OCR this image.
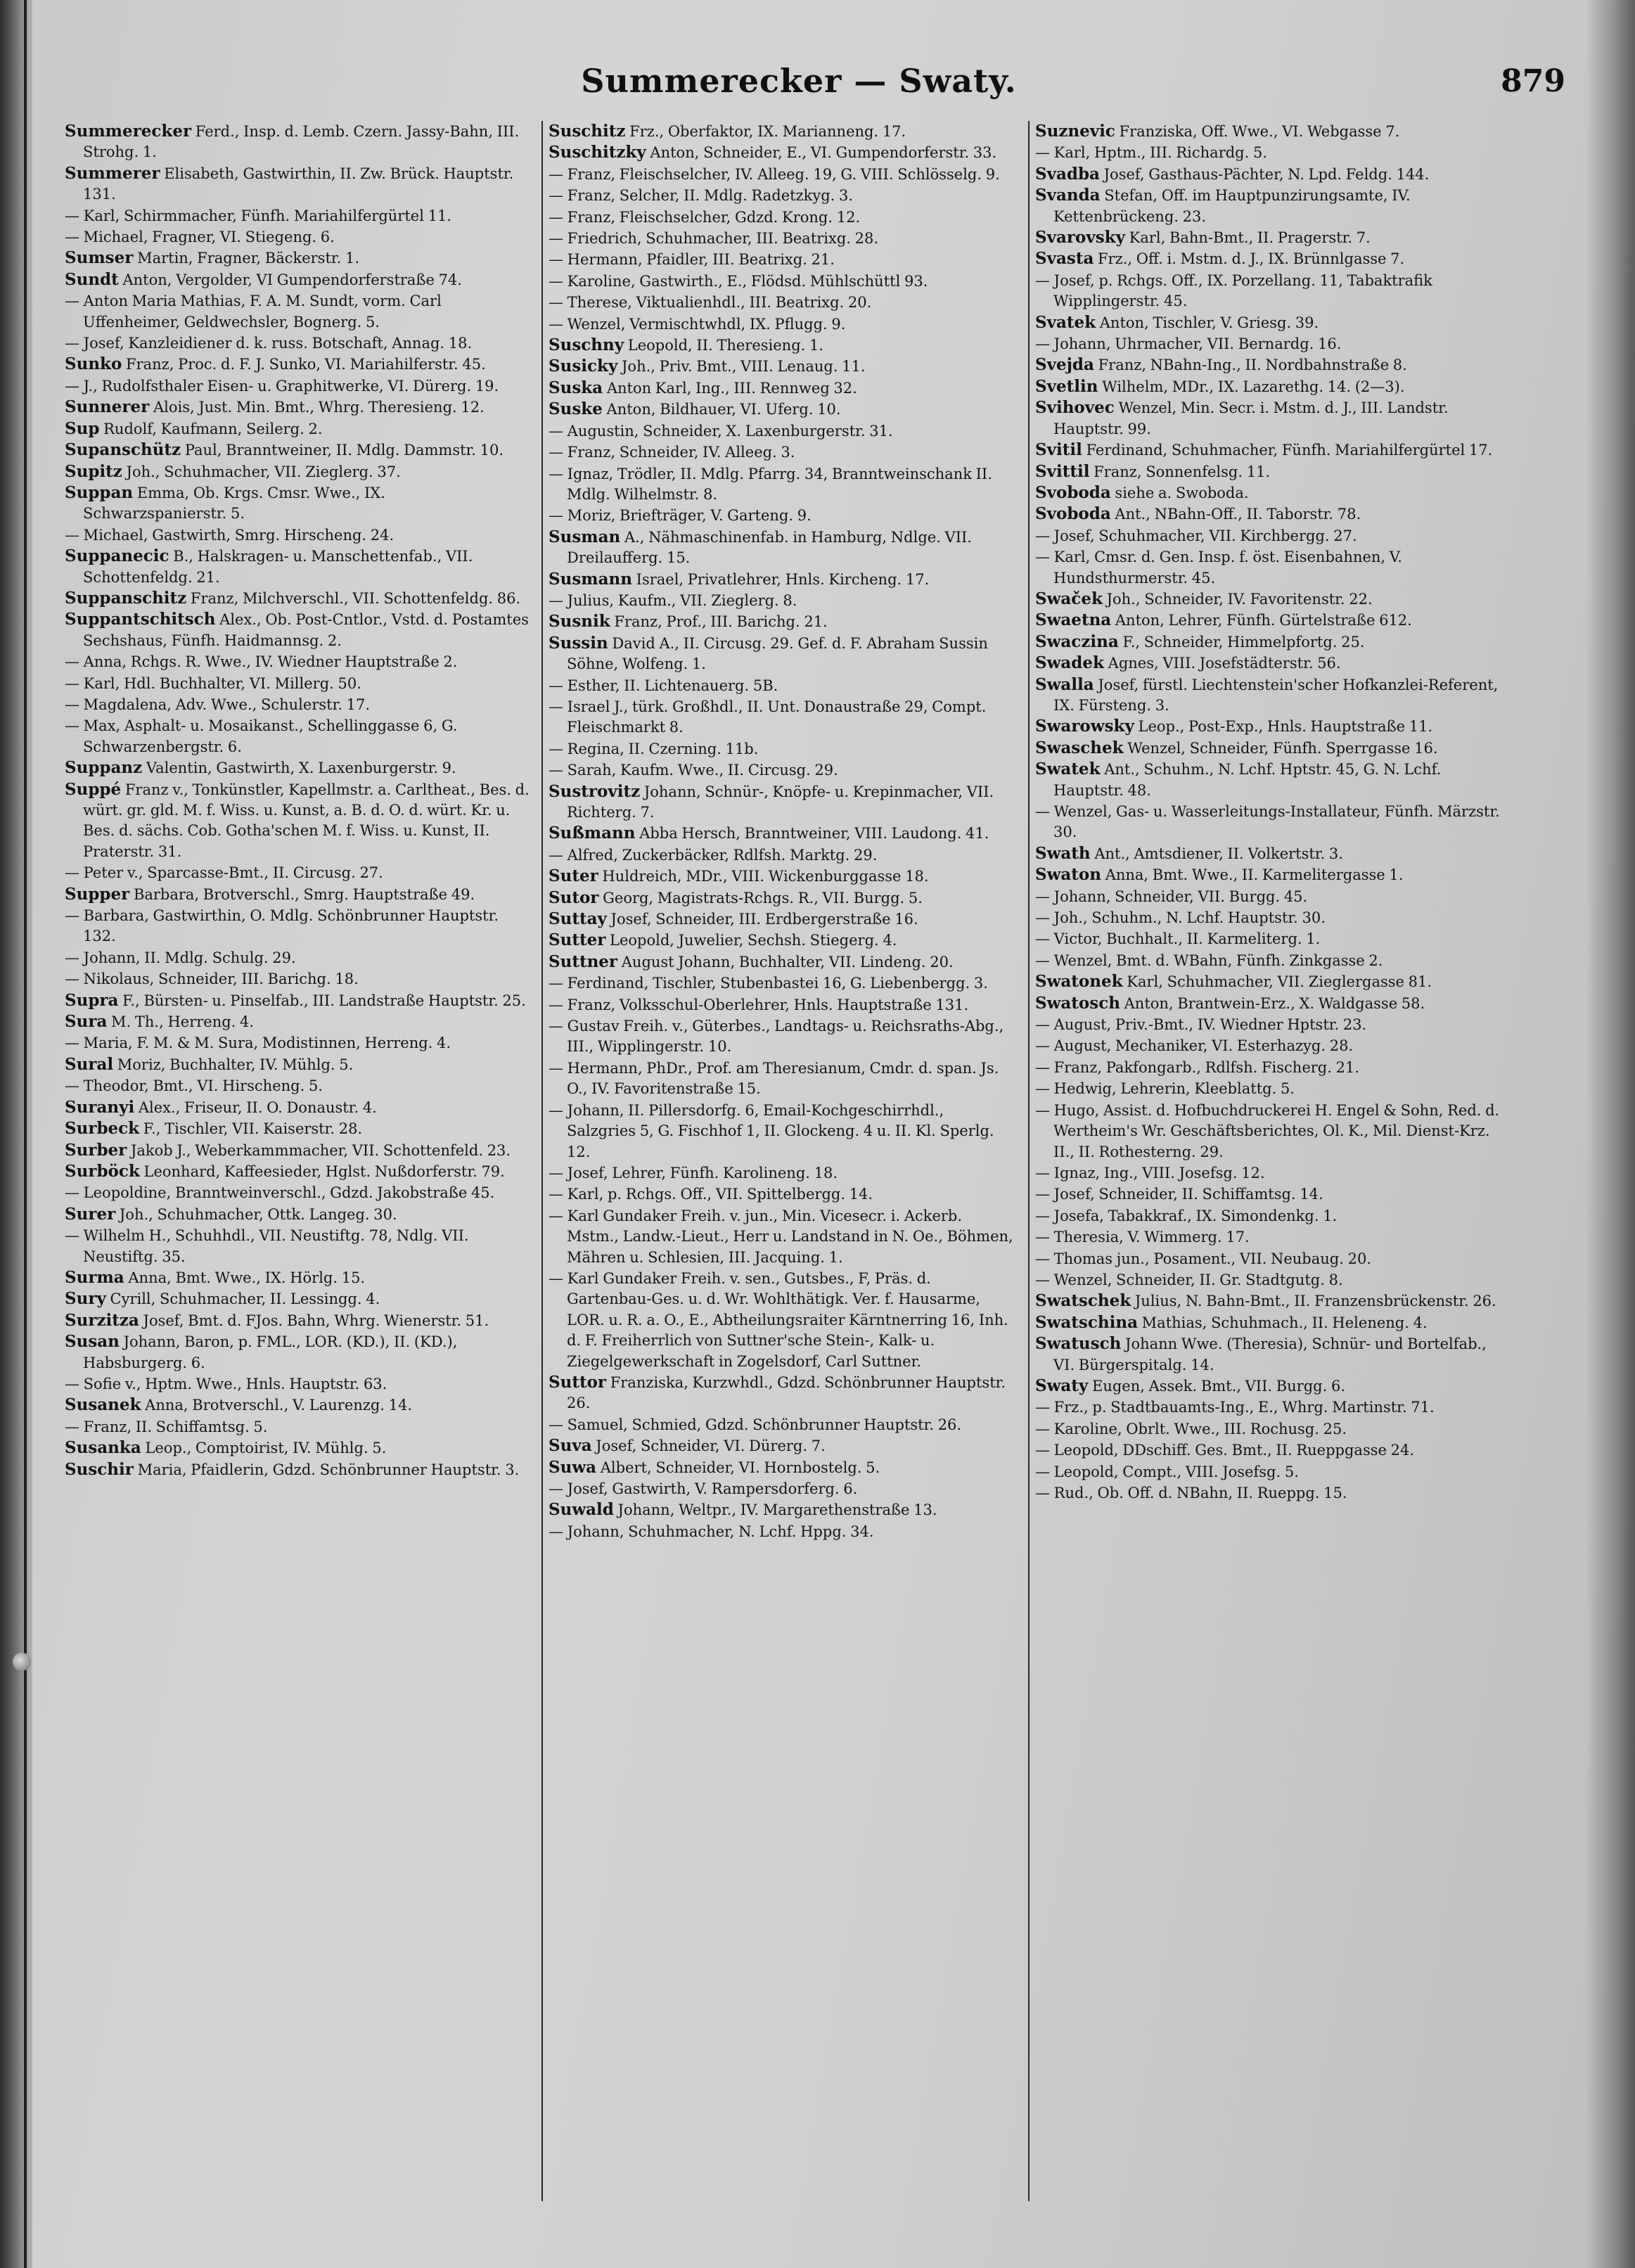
Summerecker — Swaty.	879
Summerecker Ferd., Insp. d. Lemb. Czern. Jassy-Bahn, III. Strohg. 1.
Summerer Elisabeth, Gastwirthin, II. Zw. Brück. Hauptstr. 131.
— Karl, Schirmmacher, Fünfh. Mariahilfergürtel 11.
— Michael, Fragner, VI. Stiegeng. 6.
Sumser Martin, Fragner, Bäckerstr. 1.
Sundt Anton, Vergolder, VI Gumpendorferstraße 74.
— Anton Maria Mathias, F. A. M. Sundt, vorm. Carl Uffenheimer, Geldwechsler, Bognerg. 5.
— Josef, Kanzleidiener d. k. russ. Botschaft, Annag. 18.
Sunko Franz, Proc. d. F. J. Sunko, VI. Mariahilferstr. 45.
— J., Rudolfsthaler Eisen- u. Graphitwerke, VI. Dürerg. 19.
Sunnerer Alois, Just. Min. Bmt., Whrg. Theresieng. 12.
Sup Rudolf, Kaufmann, Seilerg. 2.
Supanschütz Paul, Branntweiner, II. Mdlg. Dammstr. 10.
Supitz Joh., Schuhmacher, VII. Zieglerg. 37.
Suppan Emma, Ob. Krgs. Cmsr. Wwe., IX. Schwarzspanierstr. 5.
— Michael, Gastwirth, Smrg. Hirscheng. 24.
Suppanecic B., Halskragen- u. Manschettenfab., VII. Schottenfeldg. 21.
Suppanschitz Franz, Milchverschl., VII. Schottenfeldg. 86.
Suppantschitsch Alex., Ob. Post-Cntlor., Vstd. d. Postamtes Sechshaus, Fünfh. Haidmannsg. 2.
— Anna, Rchgs. R. Wwe., IV. Wiedner Hauptstraße 2.
— Karl, Hdl. Buchhalter, VI. Millerg. 50.
— Magdalena, Adv. Wwe., Schulerstr. 17.
— Max, Asphalt- u. Mosaikanst., Schellinggasse 6, G. Schwarzenbergstr. 6.
Suppanz Valentin, Gastwirth, X. Laxenburgerstr. 9.
Suppé Franz v., Tonkünstler, Kapellmstr. a. Carltheat., Bes. d. würt. gr. gld. M. f. Wiss. u. Kunst, a. B. d. O. d. würt. Kr. u. Bes. d. sächs. Cob. Gotha'schen M. f. Wiss. u. Kunst, II. Praterstr. 31.
— Peter v., Sparcasse-Bmt., II. Circusg. 27.
Supper Barbara, Brotverschl., Smrg. Hauptstraße 49.
— Barbara, Gastwirthin, O. Mdlg. Schönbrunner Hauptstr. 132.
— Johann, II. Mdlg. Schulg. 29.
— Nikolaus, Schneider, III. Barichg. 18.
Supra F., Bürsten- u. Pinselfab., III. Landstraße Hauptstr. 25.
Sura M. Th., Herreng. 4.
— Maria, F. M. & M. Sura, Modistinnen, Herreng. 4.
Sural Moriz, Buchhalter, IV. Mühlg. 5.
— Theodor, Bmt., VI. Hirscheng. 5.
Suranyi Alex., Friseur, II. O. Donaustr. 4.
Surbeck F., Tischler, VII. Kaiserstr. 28.
Surber Jakob J., Weberkammmacher, VII. Schottenfeld. 23.
Surböck Leonhard, Kaffeesieder, Hglst. Nußdorferstr. 79.
— Leopoldine, Branntweinverschl., Gdzd. Jakobstraße 45.
Surer Joh., Schuhmacher, Ottk. Langeg. 30.
— Wilhelm H., Schuhhdl., VII. Neustiftg. 78, Ndlg. VII. Neustiftg. 35.
Surma Anna, Bmt. Wwe., IX. Hörlg. 15.
Sury Cyrill, Schuhmacher, II. Lessingg. 4.
Surzitza Josef, Bmt. d. FJos. Bahn, Whrg. Wienerstr. 51.
Susan Johann, Baron, p. FML., LOR. (KD.), II. (KD.), Habsburgerg. 6.
— Sofie v., Hptm. Wwe., Hnls. Hauptstr. 63.
Susanek Anna, Brotverschl., V. Laurenzg. 14.
— Franz, II. Schiffamtsg. 5.
Susanka Leop., Comptoirist, IV. Mühlg. 5.
Suschir Maria, Pfaidlerin, Gdzd. Schönbrunner Hauptstr. 3.
Suschitz Frz., Oberfaktor, IX. Marianneng. 17.
Suschitzky Anton, Schneider, E., VI. Gumpendorferstr. 33.
— Franz, Fleischselcher, IV. Alleeg. 19, G. VIII. Schlösselg. 9.
— Franz, Selcher, II. Mdlg. Radetzkyg. 3.
— Franz, Fleischselcher, Gdzd. Krong. 12.
— Friedrich, Schuhmacher, III. Beatrixg. 28.
— Hermann, Pfaidler, III. Beatrixg. 21.
— Karoline, Gastwirth., E., Flödsd. Mühlschüttl 93.
— Therese, Viktualienhdl., III. Beatrixg. 20.
— Wenzel, Vermischtwhdl, IX. Pflugg. 9.
Suschny Leopold, II. Theresieng. 1.
Susicky Joh., Priv. Bmt., VIII. Lenaug. 11.
Suska Anton Karl, Ing., III. Rennweg 32.
Suske Anton, Bildhauer, VI. Uferg. 10.
— Augustin, Schneider, X. Laxenburgerstr. 31.
— Franz, Schneider, IV. Alleeg. 3.
— Ignaz, Trödler, II. Mdlg. Pfarrg. 34, Branntweinschank II. Mdlg. Wilhelmstr. 8.
— Moriz, Briefträger, V. Garteng. 9.
Susman A., Nähmaschinenfab. in Hamburg, Ndlge. VII. Dreilaufferg. 15.
Susmann Israel, Privatlehrer, Hnls. Kircheng. 17.
— Julius, Kaufm., VII. Zieglerg. 8.
Susnik Franz, Prof., III. Barichg. 21.
Sussin David A., II. Circusg. 29. Gef. d. F. Abraham Sussin Söhne, Wolfeng. 1.
— Esther, II. Lichtenauerg. 5B.
— Israel J., türk. Großhdl., II. Unt. Donaustraße 29, Compt. Fleischmarkt 8.
— Regina, II. Czerning. 11b.
— Sarah, Kaufm. Wwe., II. Circusg. 29.
Sustrovitz Johann, Schnür-, Knöpfe- u. Krepinmacher, VII. Richterg. 7.
Sußmann Abba Hersch, Branntweiner, VIII. Laudong. 41.
— Alfred, Zuckerbäcker, Rdlfsh. Marktg. 29.
Suter Huldreich, MDr., VIII. Wickenburggasse 18.
Sutor Georg, Magistrats-Rchgs. R., VII. Burgg. 5.
Suttay Josef, Schneider, III. Erdbergerstraße 16.
Sutter Leopold, Juwelier, Sechsh. Stiegerg. 4.
Suttner August Johann, Buchhalter, VII. Lindeng. 20.
— Ferdinand, Tischler, Stubenbastei 16, G. Liebenbergg. 3.
— Franz, Volksschul-Oberlehrer, Hnls. Hauptstraße 131.
— Gustav Freih. v., Güterbes., Landtags- u. Reichsraths-Abg., III., Wipplingerstr. 10.
— Hermann, PhDr., Prof. am Theresianum, Cmdr. d. span. Js. O., IV. Favoritenstraße 15.
— Johann, II. Pillersdorfg. 6, Email-Kochgeschirrhdl., Salzgries 5, G. Fischhof 1, II. Glockeng. 4 u. II. Kl. Sperlg. 12.
— Josef, Lehrer, Fünfh. Karolineng. 18.
— Karl, p. Rchgs. Off., VII. Spittelbergg. 14.
— Karl Gundaker Freih. v. jun., Min. Vicesecr. i. Ackerb. Mstm., Landw.-Lieut., Herr u. Landstand in N. Oe., Böhmen, Mähren u. Schlesien, III. Jacquing. 1.
— Karl Gundaker Freih. v. sen., Gutsbes., F, Präs. d. Gartenbau-Ges. u. d. Wr. Wohlthätigk. Ver. f. Hausarme, LOR. u. R. a. O., E., Abtheilungsraiter Kärntnerring 16, Inh. d. F. Freiherrlich von Suttner'sche Stein-, Kalk- u. Ziegelgewerkschaft in Zogelsdorf, Carl Suttner.
Suttor Franziska, Kurzwhdl., Gdzd. Schönbrunner Hauptstr. 26.
— Samuel, Schmied, Gdzd. Schönbrunner Hauptstr. 26.
Suva Josef, Schneider, VI. Dürerg. 7.
Suwa Albert, Schneider, VI. Hornbostelg. 5.
— Josef, Gastwirth, V. Rampersdorferg. 6.
Suwald Johann, Weltpr., IV. Margarethenstraße 13.
— Johann, Schuhmacher, N. Lchf. Hppg. 34.
Suznevic Franziska, Off. Wwe., VI. Webgasse 7.
— Karl, Hptm., III. Richardg. 5.
Svadba Josef, Gasthaus-Pächter, N. Lpd. Feldg. 144.
Svanda Stefan, Off. im Hauptpunzirungsamte, IV. Kettenbrückeng. 23.
Svarovsky Karl, Bahn-Bmt., II. Pragerstr. 7.
Svasta Frz., Off. i. Mstm. d. J., IX. Brünnlgasse 7.
— Josef, p. Rchgs. Off., IX. Porzellang. 11, Tabaktrafik Wipplingerstr. 45.
Svatek Anton, Tischler, V. Griesg. 39.
— Johann, Uhrmacher, VII. Bernardg. 16.
Svejda Franz, NBahn-Ing., II. Nordbahnstraße 8.
Svetlin Wilhelm, MDr., IX. Lazarethg. 14. (2—3).
Svihovec Wenzel, Min. Secr. i. Mstm. d. J., III. Landstr. Hauptstr. 99.
Svitil Ferdinand, Schuhmacher, Fünfh. Mariahilfergürtel 17.
Svittil Franz, Sonnenfelsg. 11.
Svoboda siehe a. Swoboda.
Svoboda Ant., NBahn-Off., II. Taborstr. 78.
— Josef, Schuhmacher, VII. Kirchbergg. 27.
— Karl, Cmsr. d. Gen. Insp. f. öst. Eisenbahnen, V. Hundsthurmerstr. 45.
Swaček Joh., Schneider, IV. Favoritenstr. 22.
Swaetna Anton, Lehrer, Fünfh. Gürtelstraße 612.
Swaczina F., Schneider, Himmelpfortg. 25.
Swadek Agnes, VIII. Josefstädterstr. 56.
Swalla Josef, fürstl. Liechtenstein'scher Hofkanzlei-Referent, IX. Fürsteng. 3.
Swarowsky Leop., Post-Exp., Hnls. Hauptstraße 11.
Swaschek Wenzel, Schneider, Fünfh. Sperrgasse 16.
Swatek Ant., Schuhm., N. Lchf. Hptstr. 45, G. N. Lchf. Hauptstr. 48.
— Wenzel, Gas- u. Wasserleitungs-Installateur, Fünfh. Märzstr. 30.
Swath Ant., Amtsdiener, II. Volkertstr. 3.
Swaton Anna, Bmt. Wwe., II. Karmelitergasse 1.
— Johann, Schneider, VII. Burgg. 45.
— Joh., Schuhm., N. Lchf. Hauptstr. 30.
— Victor, Buchhalt., II. Karmeliterg. 1.
— Wenzel, Bmt. d. WBahn, Fünfh. Zinkgasse 2.
Swatonek Karl, Schuhmacher, VII. Zieglergasse 81.
Swatosch Anton, Brantwein-Erz., X. Waldgasse 58.
— August, Priv.-Bmt., IV. Wiedner Hptstr. 23.
— August, Mechaniker, VI. Esterhazyg. 28.
— Franz, Pakfongarb., Rdlfsh. Fischerg. 21.
— Hedwig, Lehrerin, Kleeblattg. 5.
— Hugo, Assist. d. Hofbuchdruckerei H. Engel & Sohn, Red. d. Wertheim's Wr. Geschäftsberichtes, Ol. K., Mil. Dienst-Krz. II., II. Rothesterng. 29.
— Ignaz, Ing., VIII. Josefsg. 12.
— Josef, Schneider, II. Schiffamtsg. 14.
— Josefa, Tabakkraf., IX. Simondenkg. 1.
— Theresia, V. Wimmerg. 17.
— Thomas jun., Posament., VII. Neubaug. 20.
— Wenzel, Schneider, II. Gr. Stadtgutg. 8.
Swatschek Julius, N. Bahn-Bmt., II. Franzensbrückenstr. 26.
Swatschina Mathias, Schuhmach., II. Heleneng. 4.
Swatusch Johann Wwe. (Theresia), Schnür- und Bortelfab., VI. Bürgerspitalg. 14.
Swaty Eugen, Assek. Bmt., VII. Burgg. 6.
— Frz., p. Stadtbauamts-Ing., E., Whrg. Martinstr. 71.
— Karoline, Obrlt. Wwe., III. Rochusg. 25.
— Leopold, DDschiff. Ges. Bmt., II. Rueppgasse 24.
— Leopold, Compt., VIII. Josefsg. 5.
— Rud., Ob. Off. d. NBahn, II. Rueppg. 15.
